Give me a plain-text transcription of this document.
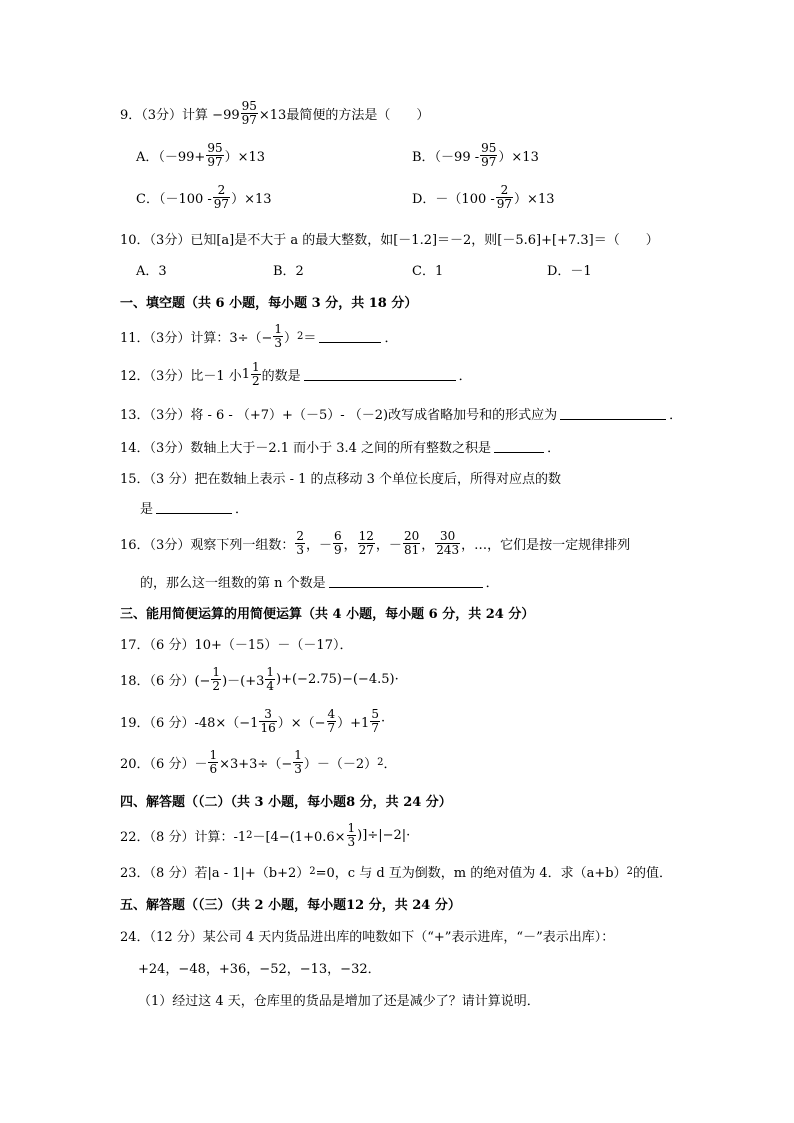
9．（3分）计算 $-99 \frac{95}{97} \times 13$最简便的方法是（　　）
A．$(-99+ \frac{95}{97} )\times 13$	B．$(-99 - \frac{95}{97} )\times 13$
C．$(-100 - \frac{2}{97} )\times 13$	D．$-(100 - \frac{2}{97} )\times 13$
10．（3分）已知[a]是不大于 a 的最大整数，如[－1.2]＝－2，则[－5.6]+[+7.3]＝（　　）
A．3	B．2	C．1	D．－1
一、填空题（共 6 小题，每小题 3 分，共 18 分）
11．（3分）计算： $3\div(- \frac{1}{3}$ ） 2 ＝	．
12．（3分）比－1 小 $1 \frac{1}{2}$ 的数是	．
13．（3分）将 - 6 - （+7）+（－5）- （－2)改写成省略加号和的形式应为	．
14．（3分）数轴上大于－2.1 而小于 3.4 之间的所有整数之积是	．
15．（3 分）把在数轴上表示 - 1 的点移动 3 个单位长度后，所得对应点的数
是	．
16．（3分）观察下列一组数： $\frac{2}{3}$ ，－ $\frac{6}{9}$ ， $\frac{12}{27}$ ，－ $\frac{20}{81}$ ， $\frac{30}{243}$ ，…，它们是按一定规律排列
的，那么这一组数的第 n 个数是	．
三、能用简便运算的用简便运算（共 4 小题，每小题 6 分，共 24 分）
17．（6 分）10+（－15）－（－17）．
18．（6 分）(− $\frac{1}{2} )-(+3 \frac{1}{4} )+(-2.75)-(-4.5)\cdot$
19．（6 分）$-48\times(-1 \frac{3}{16}$ ）×（− $\frac{4}{7} )+1 \frac{5}{7}$ ·
20．（6 分）－ $\frac{1}{6} \times 3+3\div(- \frac{1}{3} )-(-2)$ 2 ．
四、解答题（（二）（共 3 小题，每小题8 分，共 24 分）
22．（8 分）计算：-1 $2 -[4-(1+0.6\times \frac{1}{3} )]\div|-2|\cdot$
23．（8 分）若|a - 1|+（b+2） 2 =0，c 与 d 互为倒数，m 的绝对值为 4．求（a+b） 2 的值．
五、解答题（（三）（共 2 小题，每小题12 分，共 24 分）
24．（12 分）某公司 4 天内货品进出库的吨数如下（“+”表示进库，“－”表示出库）：
+24，−48，+36，−52，−13，−32．
（1）经过这 4 天，仓库里的货品是增加了还是减少了？请计算说明．
